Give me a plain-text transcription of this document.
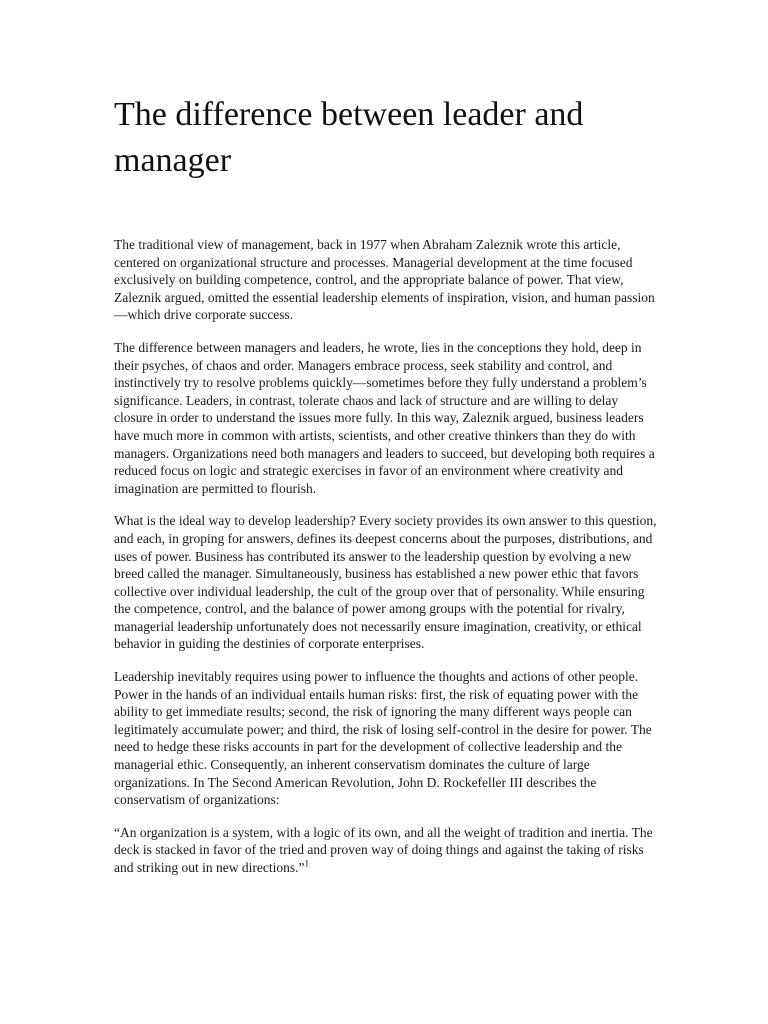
The difference between leader and manager

The traditional view of management, back in 1977 when Abraham Zaleznik wrote this article, centered on organizational structure and processes. Managerial development at the time focused exclusively on building competence, control, and the appropriate balance of power. That view, Zaleznik argued, omitted the essential leadership elements of inspiration, vision, and human passion—which drive corporate success.

The difference between managers and leaders, he wrote, lies in the conceptions they hold, deep in their psyches, of chaos and order. Managers embrace process, seek stability and control, and instinctively try to resolve problems quickly—sometimes before they fully understand a problem’s significance. Leaders, in contrast, tolerate chaos and lack of structure and are willing to delay closure in order to understand the issues more fully. In this way, Zaleznik argued, business leaders have much more in common with artists, scientists, and other creative thinkers than they do with managers. Organizations need both managers and leaders to succeed, but developing both requires a reduced focus on logic and strategic exercises in favor of an environment where creativity and imagination are permitted to flourish.

What is the ideal way to develop leadership? Every society provides its own answer to this question, and each, in groping for answers, defines its deepest concerns about the purposes, distributions, and uses of power. Business has contributed its answer to the leadership question by evolving a new breed called the manager. Simultaneously, business has established a new power ethic that favors collective over individual leadership, the cult of the group over that of personality. While ensuring the competence, control, and the balance of power among groups with the potential for rivalry, managerial leadership unfortunately does not necessarily ensure imagination, creativity, or ethical behavior in guiding the destinies of corporate enterprises.

Leadership inevitably requires using power to influence the thoughts and actions of other people. Power in the hands of an individual entails human risks: first, the risk of equating power with the ability to get immediate results; second, the risk of ignoring the many different ways people can legitimately accumulate power; and third, the risk of losing self-control in the desire for power. The need to hedge these risks accounts in part for the development of collective leadership and the managerial ethic. Consequently, an inherent conservatism dominates the culture of large organizations. In The Second American Revolution, John D. Rockefeller III describes the conservatism of organizations:

“An organization is a system, with a logic of its own, and all the weight of tradition and inertia. The deck is stacked in favor of the tried and proven way of doing things and against the taking of risks and striking out in new directions.”$^1$
